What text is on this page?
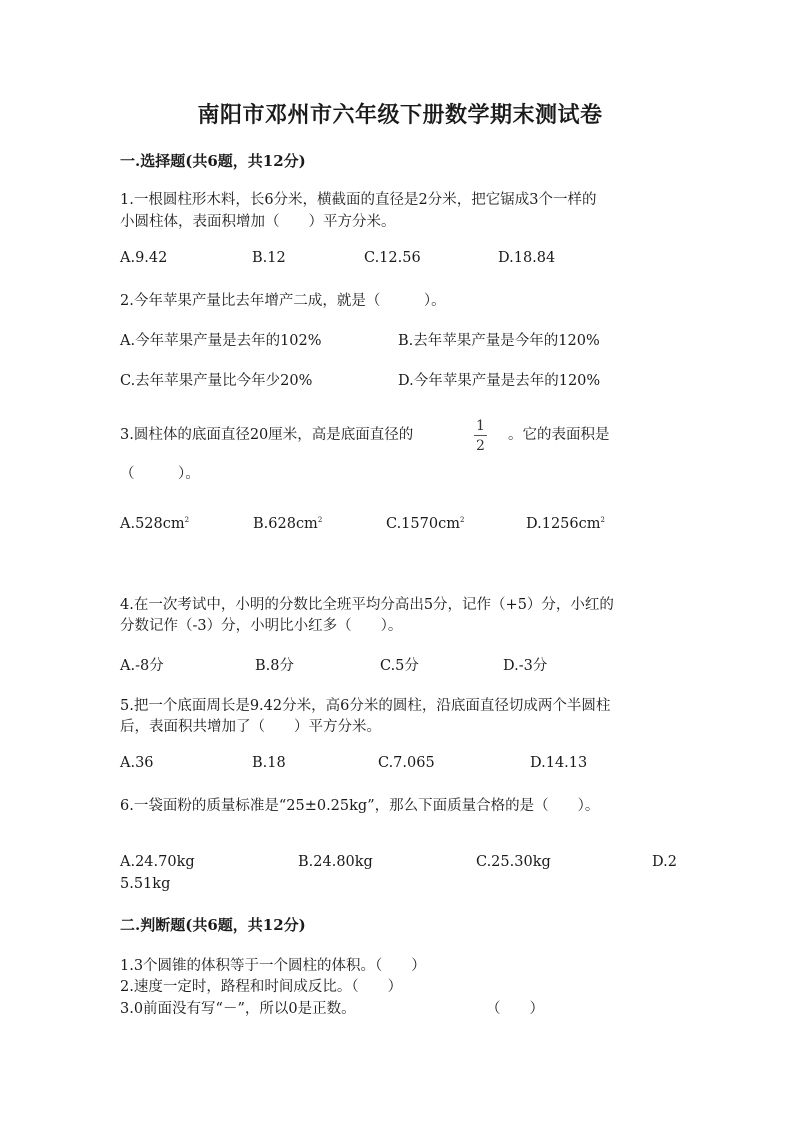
南阳市邓州市六年级下册数学期末测试卷
一.选择题(共6题，共12分)
1.一根圆柱形木料，长6分米，横截面的直径是2分米，把它锯成3个一样的
小圆柱体，表面积增加（　　）平方分米。
A.9.42	B.12	C.12.56	D.18.84
2.今年苹果产量比去年增产二成，就是（　　　）。
A.今年苹果产量是去年的102%	B.去年苹果产量是今年的120%
C.去年苹果产量比今年少20%	D.今年苹果产量是去年的120%
3.圆柱体的底面直径20厘米，高是底面直径的	$\frac{1}{2}$ 。它的表面积是
（　　　）。
$A.528cm^2$	$B.628cm^2$	$C.1570cm^2$	$D.1256cm^2$
4.在一次考试中，小明的分数比全班平均分高出5分，记作（+5）分，小红的
分数记作（-3）分，小明比小红多（　　）。
A.-8分	B.8分	C.5分	D.-3分
5.把一个底面周长是9.42分米，高6分米的圆柱，沿底面直径切成两个半圆柱
后，表面积共增加了（　　）平方分米。
A.36	B.18	C.7.065	D.14.13
6.一袋面粉的质量标准是“25±0.25kg”，那么下面质量合格的是（　　）。
A.24.70kg	B.24.80kg	C.25.30kg	D.2
5.51kg
二.判断题(共6题，共12分)
1.3个圆锥的体积等于一个圆柱的体积。（　　）
2.速度一定时，路程和时间成反比。（　　）
3.0前面没有写“－”，所以0是正数。	（　　）
